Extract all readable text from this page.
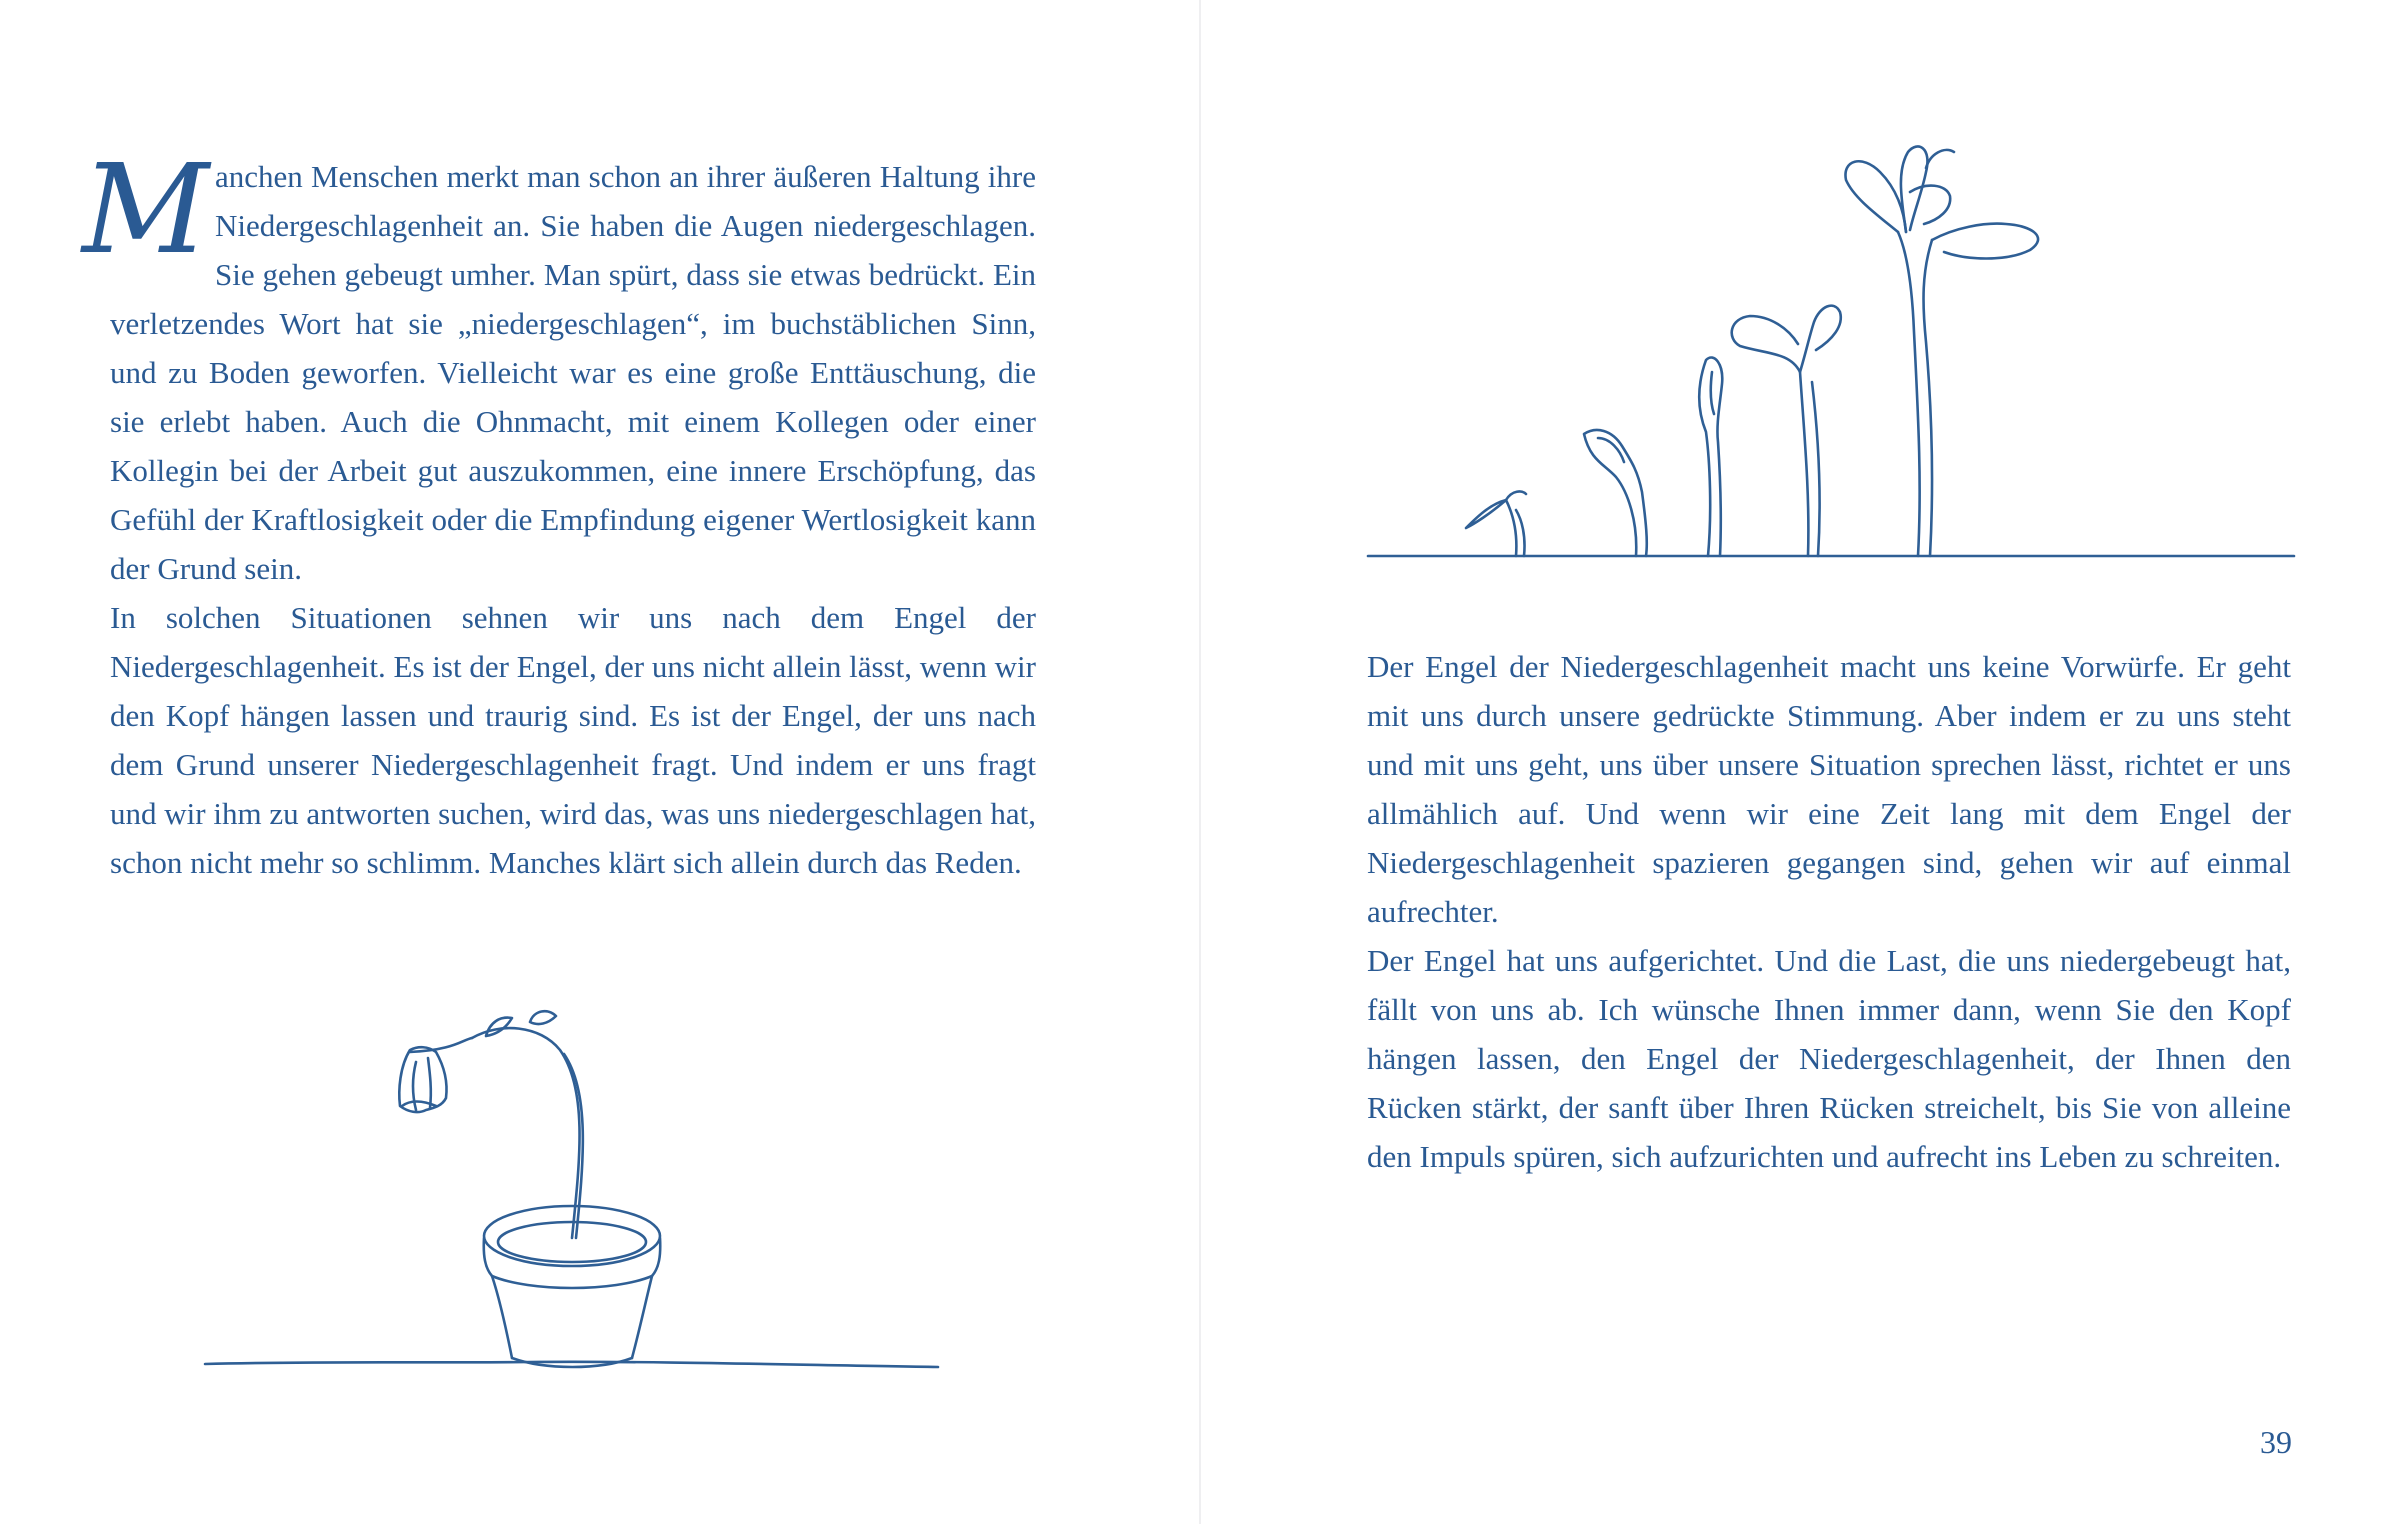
Manchen Menschen merkt man schon an ihrer äußeren Haltung ihre Niedergeschlagenheit an. Sie haben die Augen niedergeschlagen. Sie gehen gebeugt umher. Man spürt, dass sie etwas bedrückt. Ein verletzendes Wort hat sie „niedergeschlagen“, im buchstäblichen Sinn, und zu Boden geworfen. Vielleicht war es eine große Enttäuschung, die sie erlebt haben. Auch die Ohnmacht, mit einem Kollegen oder einer Kollegin bei der Arbeit gut auszukommen, eine innere Erschöpfung, das Gefühl der Kraftlosigkeit oder die Empfindung eigener Wertlosigkeit kann der Grund sein.

In solchen Situationen sehnen wir uns nach dem Engel der Niedergeschlagenheit. Es ist der Engel, der uns nicht allein lässt, wenn wir den Kopf hängen lassen und traurig sind. Es ist der Engel, der uns nach dem Grund unserer Niedergeschlagenheit fragt. Und indem er uns fragt und wir ihm zu antworten suchen, wird das, was uns niedergeschlagen hat, schon nicht mehr so schlimm. Manches klärt sich allein durch das Reden.

Der Engel der Niedergeschlagenheit macht uns keine Vorwürfe. Er geht mit uns durch unsere gedrückte Stimmung. Aber indem er zu uns steht und mit uns geht, uns über unsere Situation sprechen lässt, richtet er uns allmählich auf. Und wenn wir eine Zeit lang mit dem Engel der Niedergeschlagenheit spazieren gegangen sind, gehen wir auf einmal aufrechter.

Der Engel hat uns aufgerichtet. Und die Last, die uns niedergebeugt hat, fällt von uns ab. Ich wünsche Ihnen immer dann, wenn Sie den Kopf hängen lassen, den Engel der Niedergeschlagenheit, der Ihnen den Rücken stärkt, der sanft über Ihren Rücken streichelt, bis Sie von alleine den Impuls spüren, sich aufzurichten und aufrecht ins Leben zu schreiten.

39
